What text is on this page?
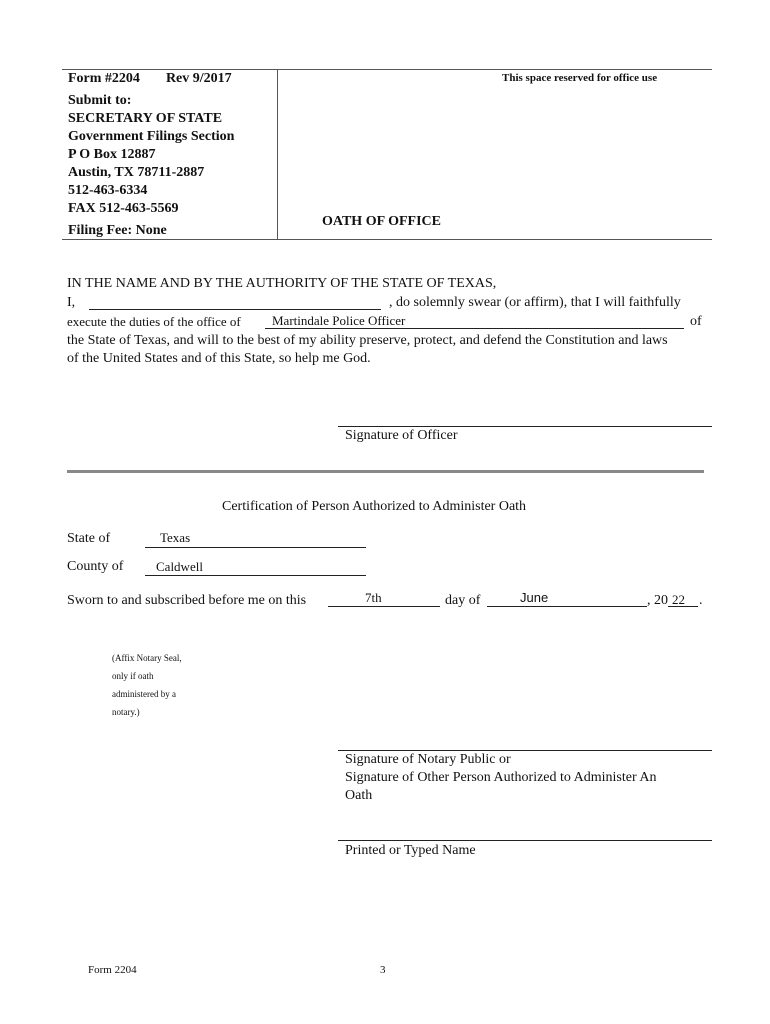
Form #2204 Rev 9/2017
Submit to:
SECRETARY OF STATE
Government Filings Section
P O Box 12887
Austin, TX 78711-2887
512-463-6334
FAX 512-463-5569
Filing Fee: None
This space reserved for office use
OATH OF OFFICE
IN THE NAME AND BY THE AUTHORITY OF THE STATE OF TEXAS,
I,	, do solemnly swear (or affirm), that I will faithfully
execute the duties of the office of Martindale Police Officer	of
the State of Texas, and will to the best of my ability preserve, protect, and defend the Constitution and laws
of the United States and of this State, so help me God.
Signature of Officer
Certification of Person Authorized to Administer Oath
State of	Texas
County of	Caldwell
Sworn to and subscribed before me on this	7th	day of	June	, 20 22 .
(Affix Notary Seal,
only if oath
administered by a
notary.)
Signature of Notary Public or
Signature of Other Person Authorized to Administer An
Oath
Printed or Typed Name
Form 2204	3
